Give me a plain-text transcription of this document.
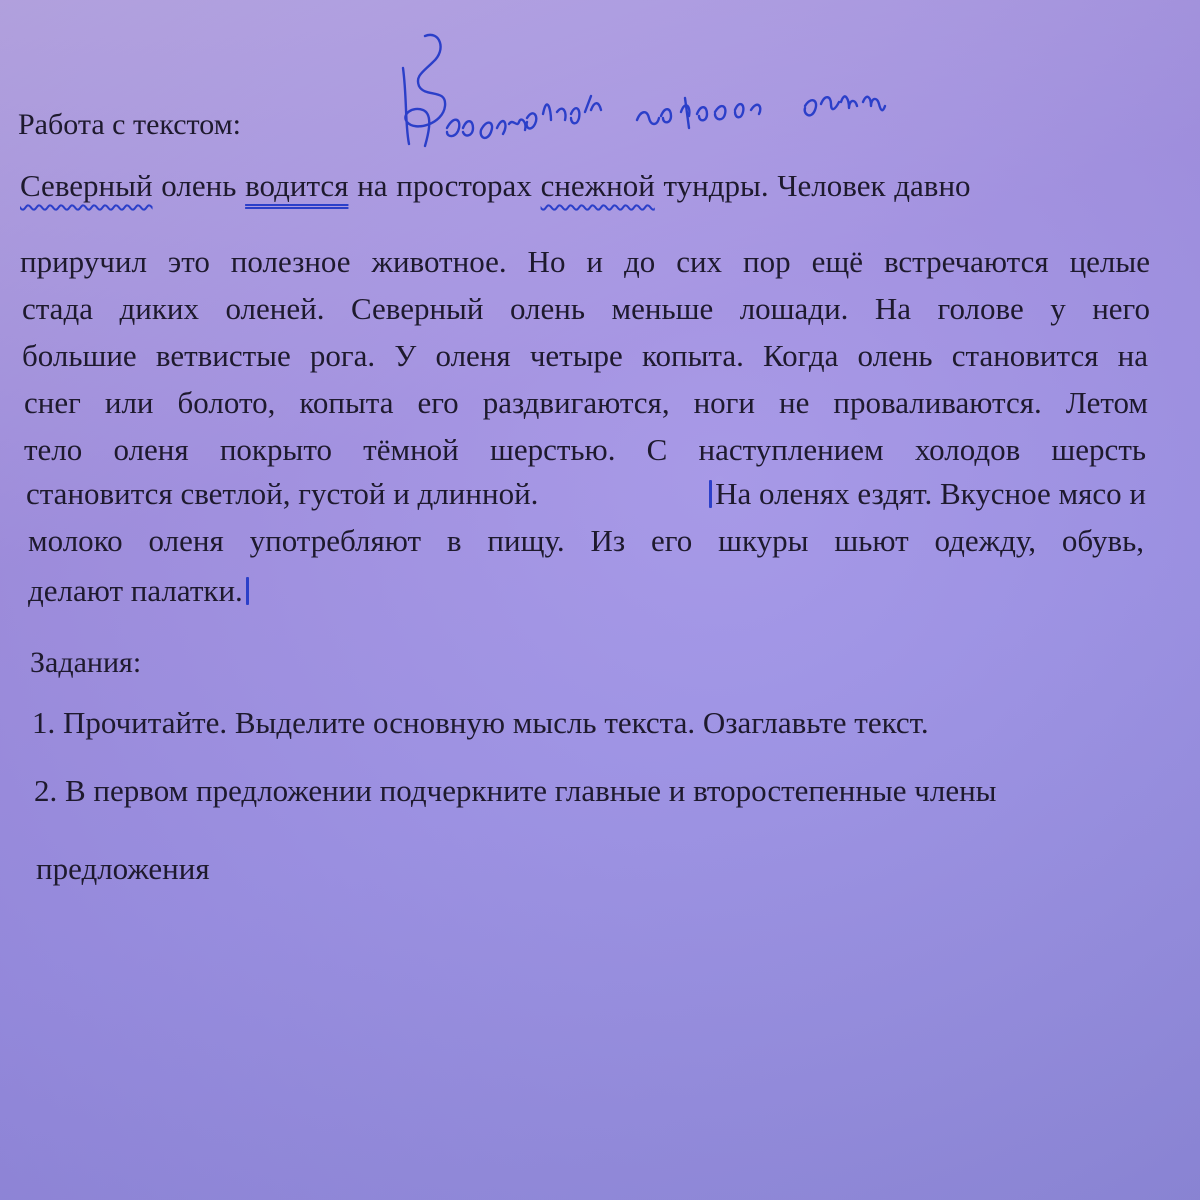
Работа с текстом:
Северный олень водится на просторах снежной тундры. Человек давно
приручил это полезное животное. Но и до сих пор ещё встречаются целые
стада диких оленей. Северный олень меньше лошади. На голове у него
большие ветвистые рога. У оленя четыре копыта. Когда олень становится на
снег или болото, копыта его раздвигаются, ноги не проваливаются. Летом
тело оленя покрыто тёмной шерстью. С наступлением холодов шерсть
становится светлой, густой и длинной.	На оленях ездят. Вкусное мясо и
молоко оленя употребляют в пищу. Из его шкуры шьют одежду, обувь,
делают палатки.
Задания:
1. Прочитайте. Выделите основную мысль текста. Озаглавьте текст.
2. В первом предложении подчеркните главные и второстепенные члены
предложения
